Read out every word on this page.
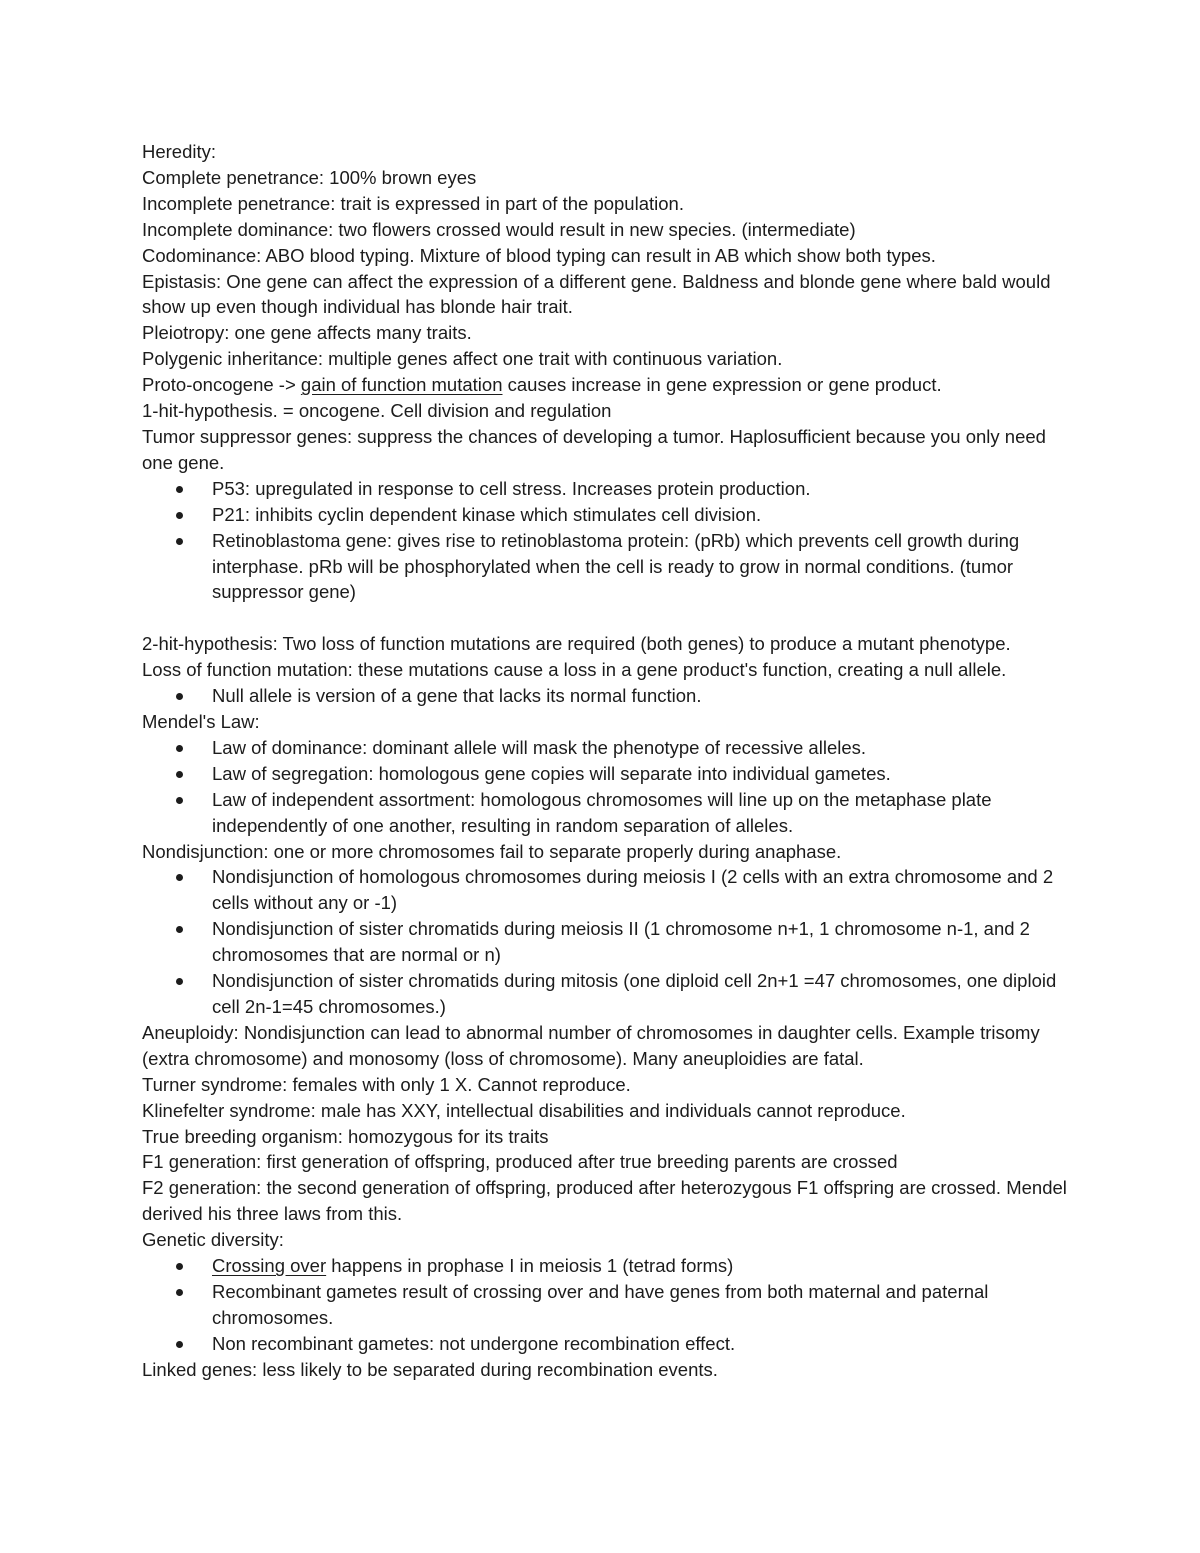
Heredity:

Complete penetrance: 100% brown eyes

Incomplete penetrance: trait is expressed in part of the population.

Incomplete dominance: two flowers crossed would result in new species. (intermediate)

Codominance: ABO blood typing. Mixture of blood typing can result in AB which show both types.

Epistasis: One gene can affect the expression of a different gene. Baldness and blonde gene where bald would show up even though individual has blonde hair trait.

Pleiotropy: one gene affects many traits.

Polygenic inheritance: multiple genes affect one trait with continuous variation.

Proto-oncogene -> gain of function mutation causes increase in gene expression or gene product.

1-hit-hypothesis. = oncogene. Cell division and regulation

Tumor suppressor genes: suppress the chances of developing a tumor. Haplosufficient because you only need one gene.

P53: upregulated in response to cell stress. Increases protein production.
P21: inhibits cyclin dependent kinase which stimulates cell division.
Retinoblastoma gene: gives rise to retinoblastoma protein: (pRb) which prevents cell growth during interphase. pRb will be phosphorylated when the cell is ready to grow in normal conditions. (tumor suppressor gene)

2-hit-hypothesis: Two loss of function mutations are required (both genes) to produce a mutant phenotype.

Loss of function mutation: these mutations cause a loss in a gene product's function, creating a null allele.

Null allele is version of a gene that lacks its normal function.

Mendel's Law:

Law of dominance: dominant allele will mask the phenotype of recessive alleles.
Law of segregation: homologous gene copies will separate into individual gametes.
Law of independent assortment: homologous chromosomes will line up on the metaphase plate independently of one another, resulting in random separation of alleles.

Nondisjunction: one or more chromosomes fail to separate properly during anaphase.

Nondisjunction of homologous chromosomes during meiosis I (2 cells with an extra chromosome and 2 cells without any or -1)
Nondisjunction of sister chromatids during meiosis II (1 chromosome n+1, 1 chromosome n-1, and 2 chromosomes that are normal or n)
Nondisjunction of sister chromatids during mitosis (one diploid cell 2n+1 =47 chromosomes, one diploid cell 2n-1=45 chromosomes.)

Aneuploidy: Nondisjunction can lead to abnormal number of chromosomes in daughter cells. Example trisomy (extra chromosome) and monosomy (loss of chromosome). Many aneuploidies are fatal.

Turner syndrome: females with only 1 X. Cannot reproduce.

Klinefelter syndrome: male has XXY, intellectual disabilities and individuals cannot reproduce.

True breeding organism: homozygous for its traits

F1 generation: first generation of offspring, produced after true breeding parents are crossed

F2 generation: the second generation of offspring, produced after heterozygous F1 offspring are crossed. Mendel derived his three laws from this.

Genetic diversity:

Crossing over happens in prophase I in meiosis 1 (tetrad forms)
Recombinant gametes result of crossing over and have genes from both maternal and paternal chromosomes.
Non recombinant gametes: not undergone recombination effect.

Linked genes: less likely to be separated during recombination events.
